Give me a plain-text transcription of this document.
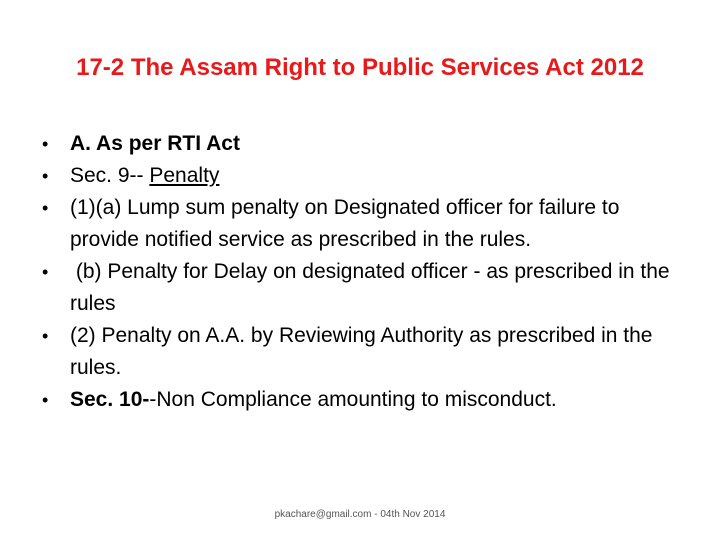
17-2 The Assam Right to Public Services Act 2012
•	A. As per RTI Act
•	Sec. 9-- Penalty
•	(1)(a) Lump sum penalty on Designated officer for failure to provide notified service as prescribed in the rules.
•	(b) Penalty for Delay on designated officer - as prescribed in the rules
•	(2) Penalty on A.A. by Reviewing Authority as prescribed in the rules.
•	Sec. 10--Non Compliance amounting to misconduct.
pkachare@gmail.com - 04th Nov 2014
